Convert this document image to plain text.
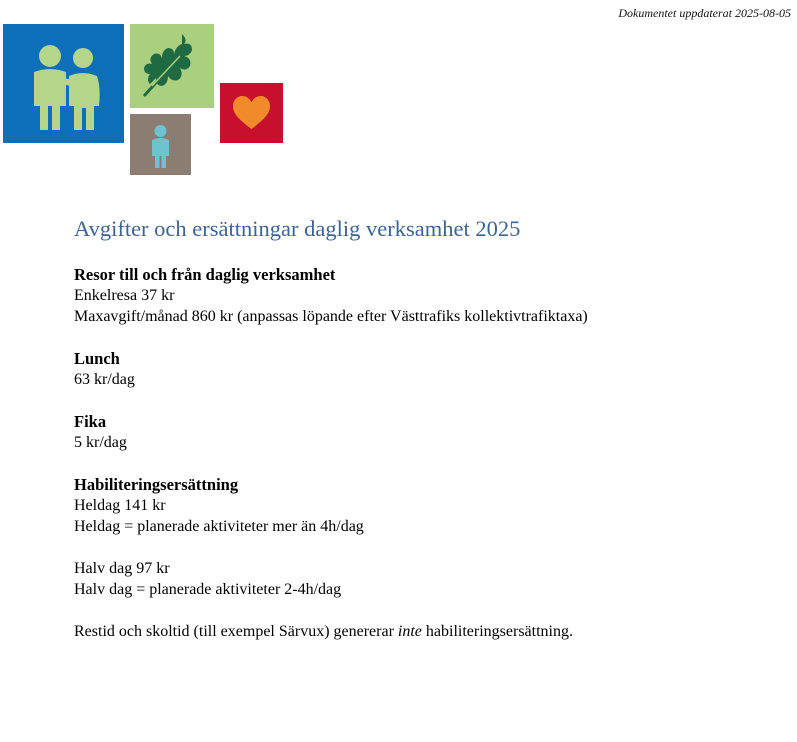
Dokumentet uppdaterat 2025-08-05
Avgifter och ersättningar daglig verksamhet 2025
Resor till och från daglig verksamhet
Enkelresa 37 kr
Maxavgift/månad 860 kr (anpassas löpande efter Västtrafiks kollektivtrafiktaxa)
Lunch
63 kr/dag
Fika
5 kr/dag
Habiliteringsersättning
Heldag 141 kr
Heldag = planerade aktiviteter mer än 4h/dag
Halv dag 97 kr
Halv dag = planerade aktiviteter 2-4h/dag
Restid och skoltid (till exempel Särvux) genererar inte habiliteringsersättning.
